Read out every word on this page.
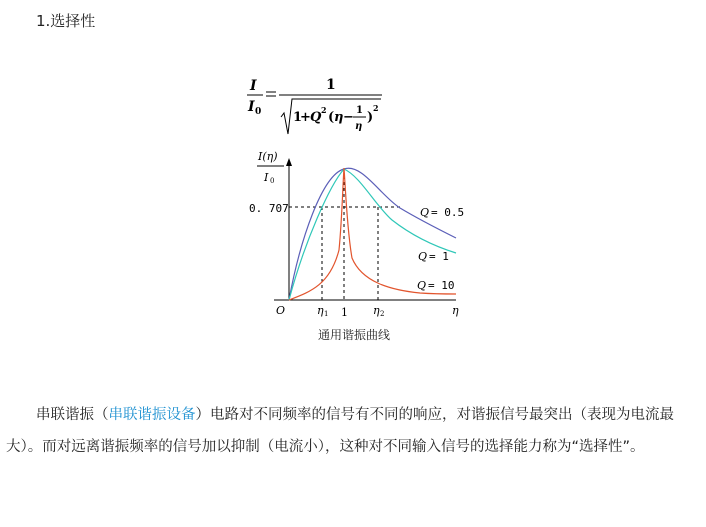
1.选择性
I
I 0
1
1
+ Q 2 ( η − 1
η
)
2
I(η)
I 0
0. 707	Q = 0.5
Q = 1
Q = 10
O	η 1 1 η 2	η
通用谐振曲线
串联谐振（串联谐振设备）电路对不同频率的信号有不同的响应，对谐振信号最突出（表现为电流最大）。而对远离谐振频率的信号加以抑制（电流小），这种对不同输入信号的选择能力称为“选择性”。
